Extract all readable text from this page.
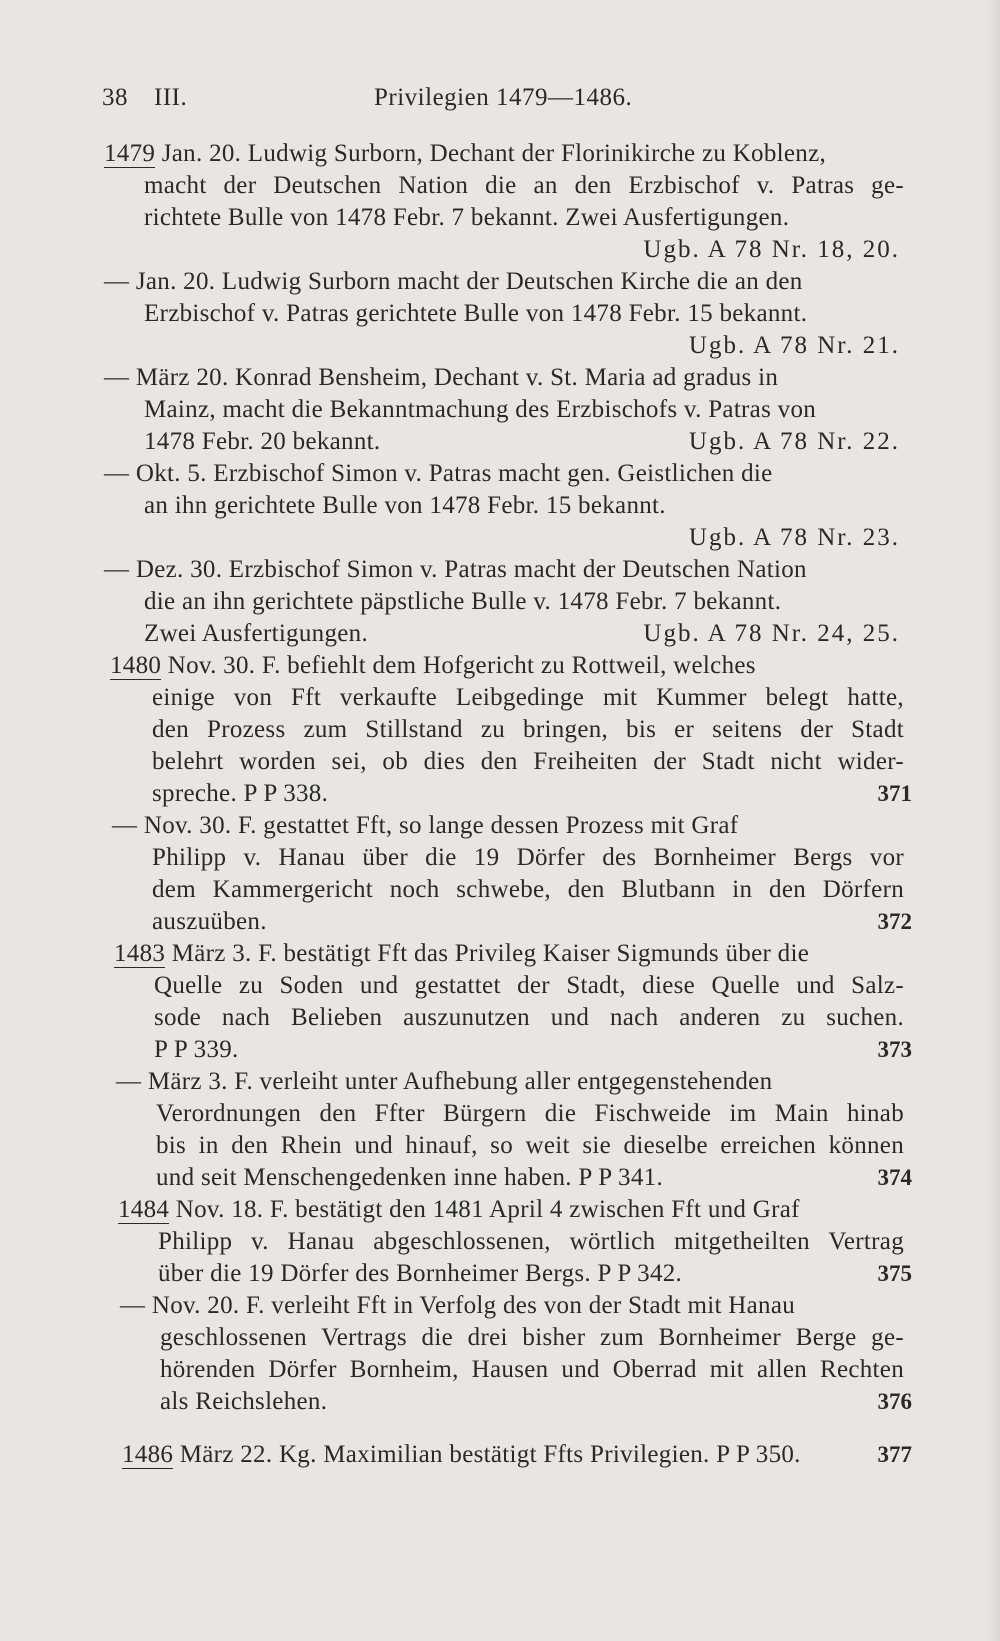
38 III.	Privilegien 1479—1486.
1479 Jan. 20. Ludwig Surborn, Dechant der Florinikirche zu Koblenz,
macht der Deutschen Nation die an den Erzbischof v. Patras ge-
richtete Bulle von 1478 Febr. 7 bekannt. Zwei Ausfertigungen.
Ugb. A 78 Nr. 18, 20.
— Jan. 20. Ludwig Surborn macht der Deutschen Kirche die an den
Erzbischof v. Patras gerichtete Bulle von 1478 Febr. 15 bekannt.
Ugb. A 78 Nr. 21.
— März 20. Konrad Bensheim, Dechant v. St. Maria ad gradus in
Mainz, macht die Bekanntmachung des Erzbischofs v. Patras von
1478 Febr. 20 bekannt.	Ugb. A 78 Nr. 22.
— Okt. 5. Erzbischof Simon v. Patras macht gen. Geistlichen die
an ihn gerichtete Bulle von 1478 Febr. 15 bekannt.
Ugb. A 78 Nr. 23.
— Dez. 30. Erzbischof Simon v. Patras macht der Deutschen Nation
die an ihn gerichtete päpstliche Bulle v. 1478 Febr. 7 bekannt.
Zwei Ausfertigungen.	Ugb. A 78 Nr. 24, 25.
1480 Nov. 30. F. befiehlt dem Hofgericht zu Rottweil, welches
einige von Fft verkaufte Leibgedinge mit Kummer belegt hatte,
den Prozess zum Stillstand zu bringen, bis er seitens der Stadt
belehrt worden sei, ob dies den Freiheiten der Stadt nicht wider-
spreche. P P 338.	371
— Nov. 30. F. gestattet Fft, so lange dessen Prozess mit Graf
Philipp v. Hanau über die 19 Dörfer des Bornheimer Bergs vor
dem Kammergericht noch schwebe, den Blutbann in den Dörfern
auszuüben.	372
1483 März 3. F. bestätigt Fft das Privileg Kaiser Sigmunds über die
Quelle zu Soden und gestattet der Stadt, diese Quelle und Salz-
sode nach Belieben auszunutzen und nach anderen zu suchen.
P P 339.	373
— März 3. F. verleiht unter Aufhebung aller entgegenstehenden
Verordnungen den Ffter Bürgern die Fischweide im Main hinab
bis in den Rhein und hinauf, so weit sie dieselbe erreichen können
und seit Menschengedenken inne haben. P P 341.	374
1484 Nov. 18. F. bestätigt den 1481 April 4 zwischen Fft und Graf
Philipp v. Hanau abgeschlossenen, wörtlich mitgetheilten Vertrag
über die 19 Dörfer des Bornheimer Bergs. P P 342.	375
— Nov. 20. F. verleiht Fft in Verfolg des von der Stadt mit Hanau
geschlossenen Vertrags die drei bisher zum Bornheimer Berge ge-
hörenden Dörfer Bornheim, Hausen und Oberrad mit allen Rechten
als Reichslehen.	376
1486 März 22. Kg. Maximilian bestätigt Ffts Privilegien. P P 350.	377
